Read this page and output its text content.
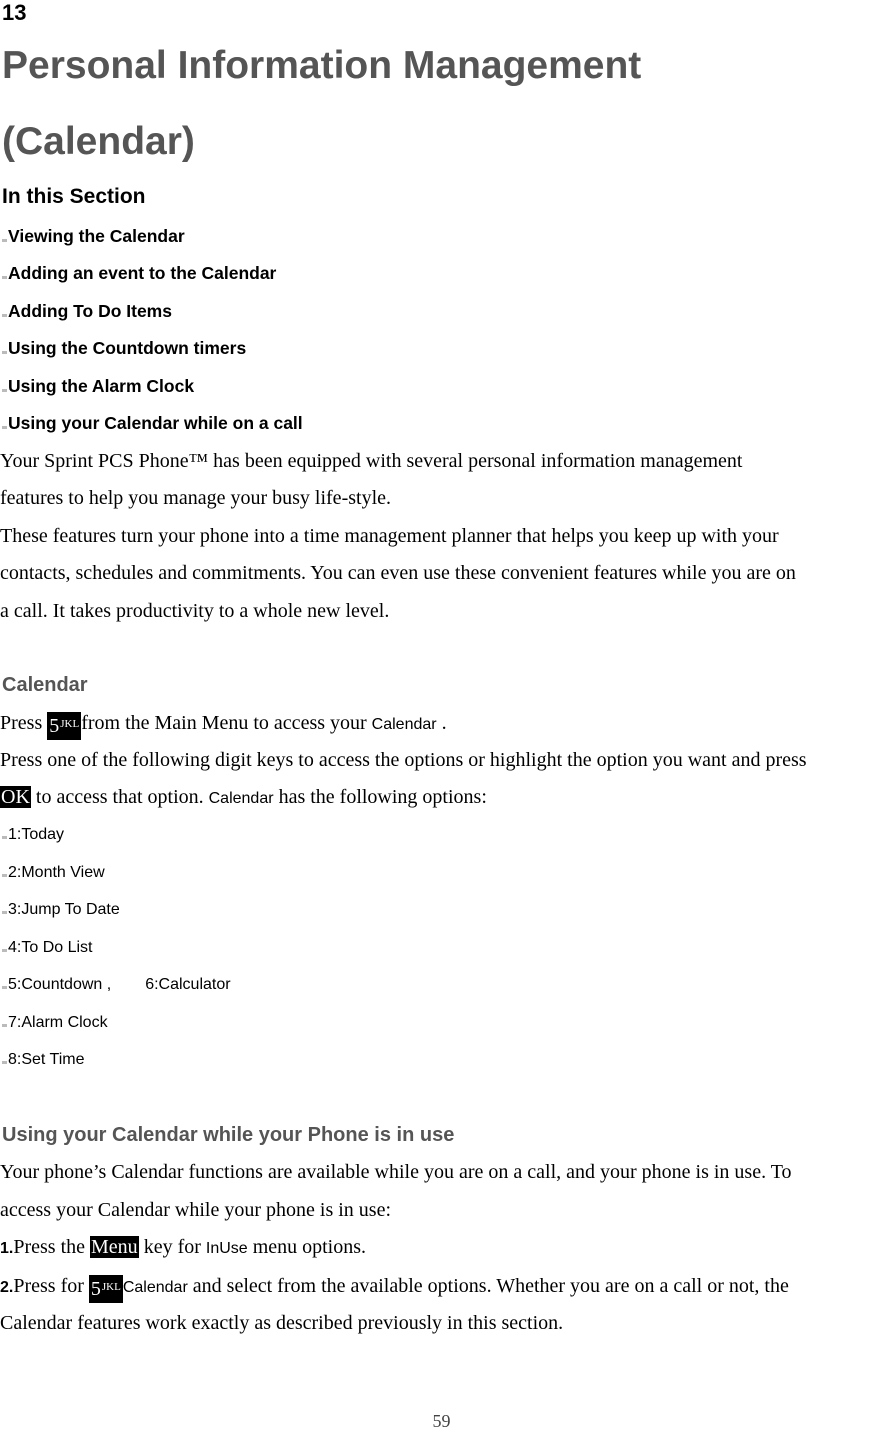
13
Personal Information Management
(Calendar)
In this Section
Viewing the Calendar
Adding an event to the Calendar
Adding To Do Items
Using the Countdown timers
Using the Alarm Clock
Using your Calendar while on a call
Your Sprint PCS Phone™ has been equipped with several personal information management
features to help you manage your busy life-style.
These features turn your phone into a time management planner that helps you keep up with your
contacts, schedules and commitments. You can even use these convenient features while you are on
a call. It takes productivity to a whole new level.
Calendar
Press $5^{JKL}$ from the Main Menu to access your Calendar .
Press one of the following digit keys to access the options or highlight the option you want and press
OK to access that option. Calendar has the following options:
1:Today
2:Month View
3:Jump To Date
4:To Do List
5:Countdown , 6:Calculator
7:Alarm Clock
8:Set Time
Using your Calendar while your Phone is in use
Your phone’s Calendar functions are available while you are on a call, and your phone is in use. To
access your Calendar while your phone is in use:
1.Press the Menu key for InUse menu options.
2.Press for $5^{JKL}$ Calendar and select from the available options. Whether you are on a call or not, the
Calendar features work exactly as described previously in this section.
59
